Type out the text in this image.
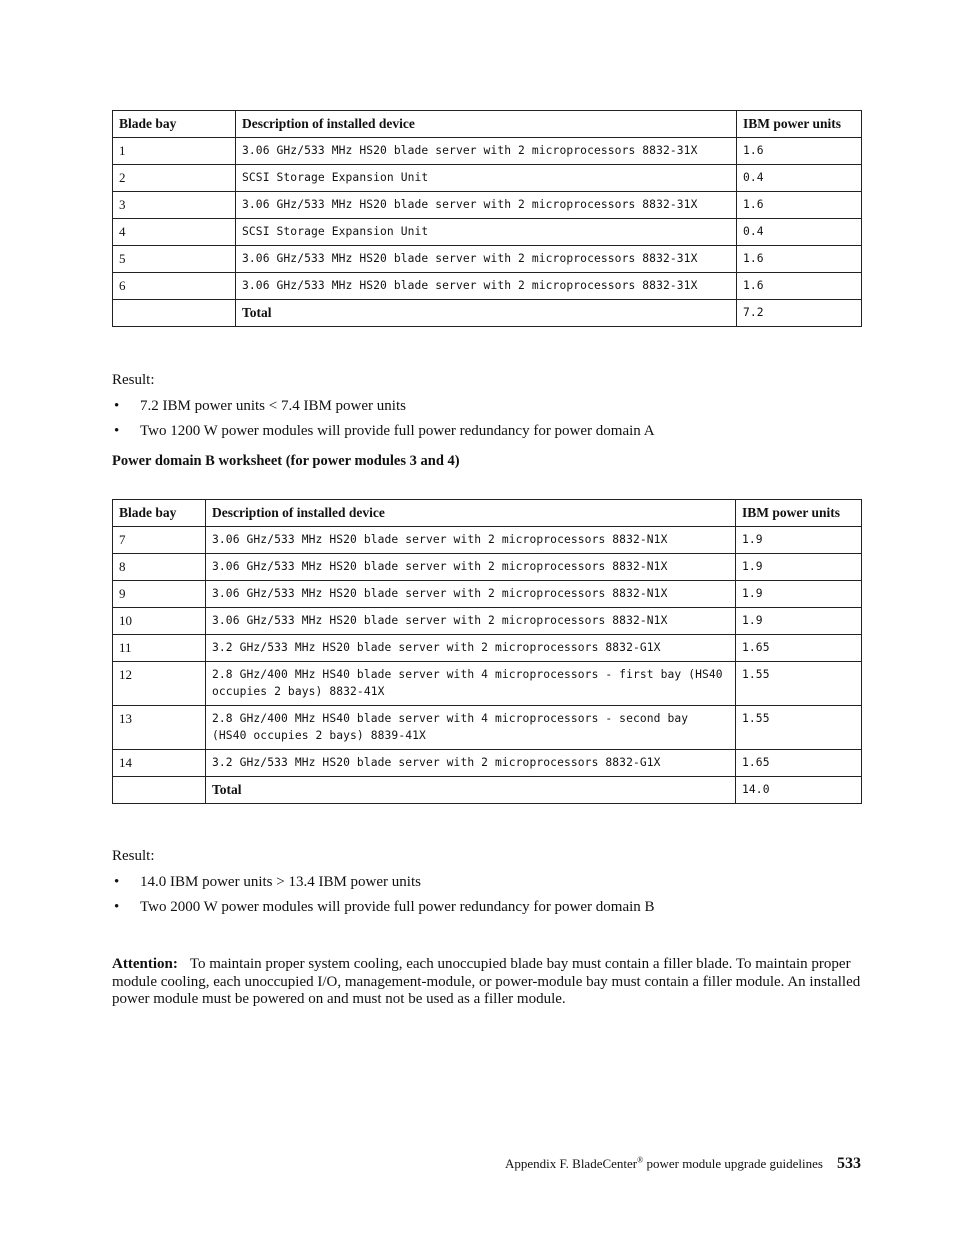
Blade bay	Description of installed device	IBM power units
1	3.06 GHz/533 MHz HS20 blade server with 2 microprocessors 8832-31X	1.6
2	SCSI Storage Expansion Unit	0.4
3	3.06 GHz/533 MHz HS20 blade server with 2 microprocessors 8832-31X	1.6
4	SCSI Storage Expansion Unit	0.4
5	3.06 GHz/533 MHz HS20 blade server with 2 microprocessors 8832-31X	1.6
6	3.06 GHz/533 MHz HS20 blade server with 2 microprocessors 8832-31X	1.6
	Total	7.2
Result:
• 7.2 IBM power units < 7.4 IBM power units
• Two 1200 W power modules will provide full power redundancy for power domain A
Power domain B worksheet (for power modules 3 and 4)
Blade bay	Description of installed device	IBM power units
7	3.06 GHz/533 MHz HS20 blade server with 2 microprocessors 8832-N1X	1.9
8	3.06 GHz/533 MHz HS20 blade server with 2 microprocessors 8832-N1X	1.9
9	3.06 GHz/533 MHz HS20 blade server with 2 microprocessors 8832-N1X	1.9
10	3.06 GHz/533 MHz HS20 blade server with 2 microprocessors 8832-N1X	1.9
11	3.2 GHz/533 MHz HS20 blade server with 2 microprocessors 8832-G1X	1.65
12	2.8 GHz/400 MHz HS40 blade server with 4 microprocessors - first bay (HS40 occupies 2 bays) 8832-41X	1.55
13	2.8 GHz/400 MHz HS40 blade server with 4 microprocessors - second bay (HS40 occupies 2 bays) 8839-41X	1.55
14	3.2 GHz/533 MHz HS20 blade server with 2 microprocessors 8832-G1X	1.65
	Total	14.0
Result:
• 14.0 IBM power units > 13.4 IBM power units
• Two 2000 W power modules will provide full power redundancy for power domain B
Attention: To maintain proper system cooling, each unoccupied blade bay must contain a filler blade. To maintain proper module cooling, each unoccupied I/O, management-module, or power-module bay must contain a filler module. An installed power module must be powered on and must not be used as a filler module.
Appendix F. BladeCenter® power module upgrade guidelines 533
